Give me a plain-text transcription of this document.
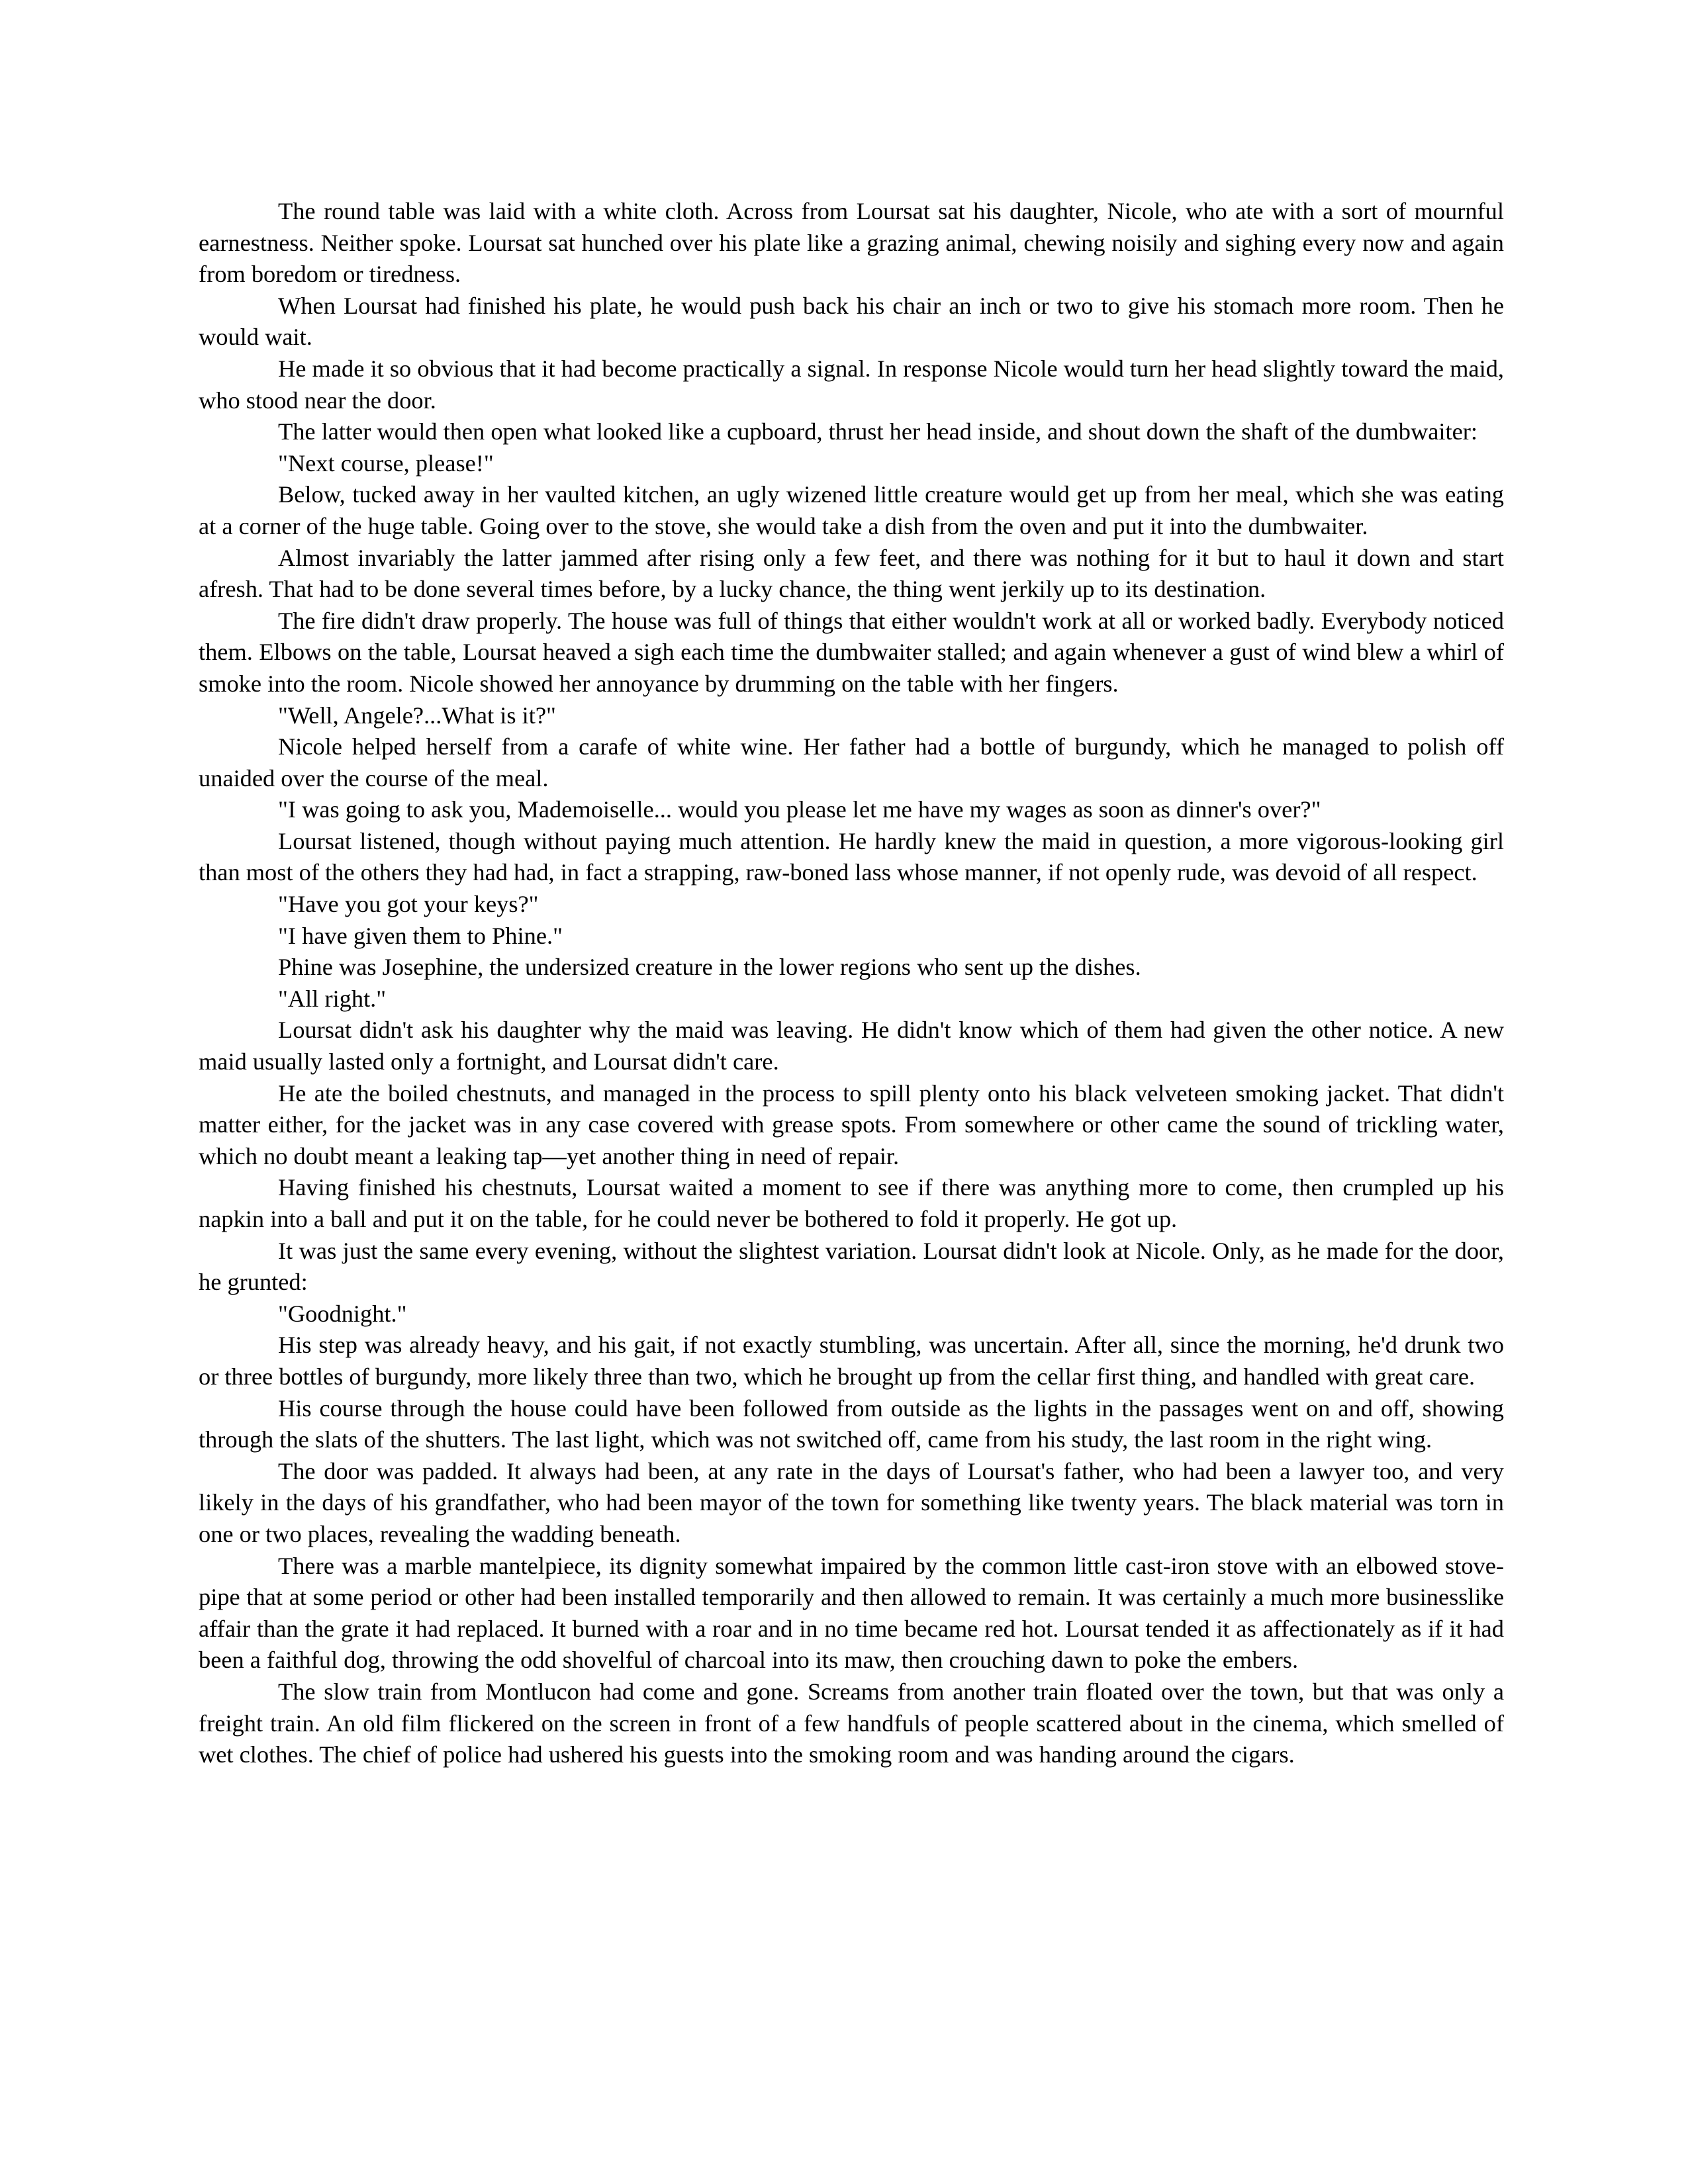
The round table was laid with a white cloth. Across from Loursat sat his daughter, Nicole, who ate with a sort of mournful earnestness. Neither spoke. Loursat sat hunched over his plate like a grazing animal, chewing noisily and sighing every now and again from boredom or tiredness.

When Loursat had finished his plate, he would push back his chair an inch or two to give his stomach more room. Then he would wait.

He made it so obvious that it had become practically a signal. In response Nicole would turn her head slightly toward the maid, who stood near the door.

The latter would then open what looked like a cupboard, thrust her head inside, and shout down the shaft of the dumbwaiter:

"Next course, please!"

Below, tucked away in her vaulted kitchen, an ugly wizened little creature would get up from her meal, which she was eating at a corner of the huge table. Going over to the stove, she would take a dish from the oven and put it into the dumbwaiter.

Almost invariably the latter jammed after rising only a few feet, and there was nothing for it but to haul it down and start afresh. That had to be done several times before, by a lucky chance, the thing went jerkily up to its destination.

The fire didn't draw properly. The house was full of things that either wouldn't work at all or worked badly. Everybody noticed them. Elbows on the table, Loursat heaved a sigh each time the dumbwaiter stalled; and again whenever a gust of wind blew a whirl of smoke into the room. Nicole showed her annoyance by drumming on the table with her fingers.

"Well, Angele?...What is it?"

Nicole helped herself from a carafe of white wine. Her father had a bottle of burgundy, which he managed to polish off unaided over the course of the meal.

"I was going to ask you, Mademoiselle... would you please let me have my wages as soon as dinner's over?"

Loursat listened, though without paying much attention. He hardly knew the maid in question, a more vigorous-looking girl than most of the others they had had, in fact a strapping, raw-boned lass whose manner, if not openly rude, was devoid of all respect.

"Have you got your keys?"

"I have given them to Phine."

Phine was Josephine, the undersized creature in the lower regions who sent up the dishes.

"All right."

Loursat didn't ask his daughter why the maid was leaving. He didn't know which of them had given the other notice. A new maid usually lasted only a fortnight, and Loursat didn't care.

He ate the boiled chestnuts, and managed in the process to spill plenty onto his black velveteen smoking jacket. That didn't matter either, for the jacket was in any case covered with grease spots. From somewhere or other came the sound of trickling water, which no doubt meant a leaking tap—yet another thing in need of repair.

Having finished his chestnuts, Loursat waited a moment to see if there was anything more to come, then crumpled up his napkin into a ball and put it on the table, for he could never be bothered to fold it properly. He got up.

It was just the same every evening, without the slightest variation. Loursat didn't look at Nicole. Only, as he made for the door, he grunted:

"Goodnight."

His step was already heavy, and his gait, if not exactly stumbling, was uncertain. After all, since the morning, he'd drunk two or three bottles of burgundy, more likely three than two, which he brought up from the cellar first thing, and handled with great care.

His course through the house could have been followed from outside as the lights in the passages went on and off, showing through the slats of the shutters. The last light, which was not switched off, came from his study, the last room in the right wing.

The door was padded. It always had been, at any rate in the days of Loursat's father, who had been a lawyer too, and very likely in the days of his grandfather, who had been mayor of the town for something like twenty years. The black material was torn in one or two places, revealing the wadding beneath.

There was a marble mantelpiece, its dignity somewhat impaired by the common little cast-iron stove with an elbowed stove-pipe that at some period or other had been installed temporarily and then allowed to remain. It was certainly a much more businesslike affair than the grate it had replaced. It burned with a roar and in no time became red hot. Loursat tended it as affectionately as if it had been a faithful dog, throwing the odd shovelful of charcoal into its maw, then crouching dawn to poke the embers.

The slow train from Montlucon had come and gone. Screams from another train floated over the town, but that was only a freight train. An old film flickered on the screen in front of a few handfuls of people scattered about in the cinema, which smelled of wet clothes. The chief of police had ushered his guests into the smoking room and was handing around the cigars.
